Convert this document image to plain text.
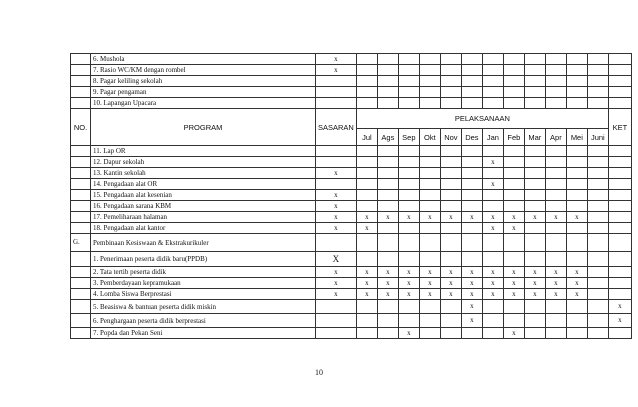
	6. Mushola	x													
	7. Rasio WC/KM dengan rombel	x													
	8. Pagar keliling sekolah														
	9. Pagar pengaman														
	10. Lapangan Upacara														
NO.	PROGRAM	SASARAN	PELAKSANAAN												KET
			Jul	Ags	Sep	Okt	Nov	Des	Jan	Feb	Mar	Apr	Mei	Juni	
	11. Lap OR														
	12. Dapur sekolah								x						
	13. Kantin sekolah	x													
	14. Pengadaan alat OR								x						
	15. Pengadaan alat kesenian	x													
	16. Pengadaan sarana KBM	x													
	17. Pemeliharaan halaman	x	x	x	x	x	x	x	x	x	x	x	x		
	18. Pengadaan alat kantor	x	x						x	x					
G.	Pembinaan Kesiswaan & Ekstrakurikuler														
	1. Penerimaan peserta didik baru(PPDB)	X													
	2. Tata tertib peserta didik	x	x	x	x	x	x	x	x	x	x	x	x		
	3. Pemberdayaan kepramukaan	x	x	x	x	x	x	x	x	x	x	x	x		
	4. Lomba Siswa Berprestasi	x	x	x	x	x	x	x	x	x	x	x	x		
	5. Beasiswa & bantuan peserta didik miskin							x							x
	6. Penghargaan peserta didik berprestasi							x							x
	7. Popda dan Pekan Seni				x					x					
10
